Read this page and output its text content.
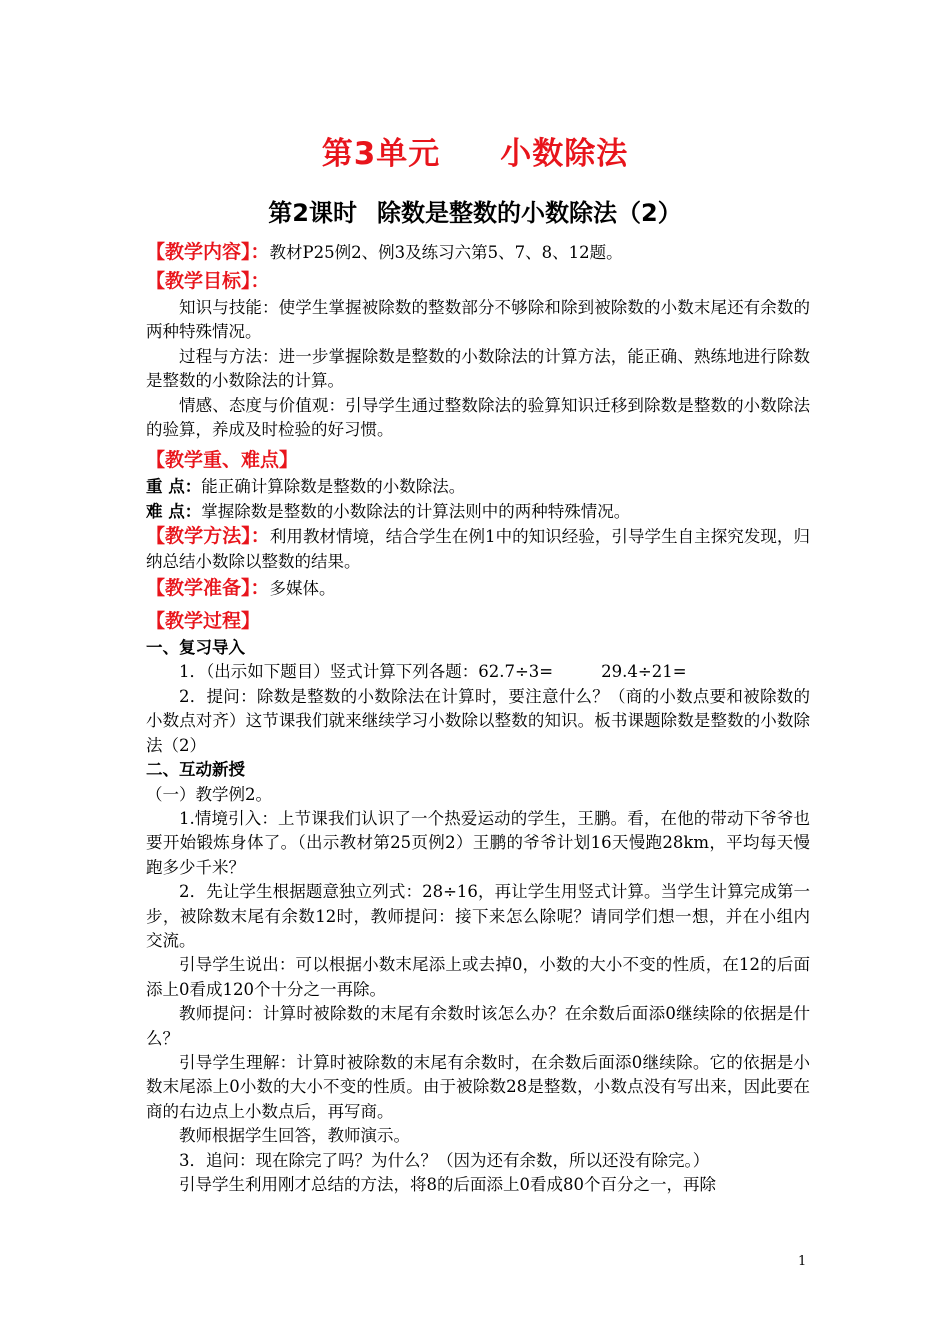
第3单元 小数除法
第2课时 除数是整数的小数除法（2）

【教学内容】：教材P25例2、例3及练习六第5、7、8、12题。

【教学目标】：

知识与技能：使学生掌握被除数的整数部分不够除和除到被除数的小数末尾还有余数的两种特殊情况。

过程与方法：进一步掌握除数是整数的小数除法的计算方法，能正确、熟练地进行除数是整数的小数除法的计算。

情感、态度与价值观：引导学生通过整数除法的验算知识迁移到除数是整数的小数除法的验算，养成及时检验的好习惯。

【教学重、难点】

重 点：能正确计算除数是整数的小数除法。

难 点：掌握除数是整数的小数除法的计算法则中的两种特殊情况。

【教学方法】：利用教材情境，结合学生在例1中的知识经验，引导学生自主探究发现，归纳总结小数除以整数的结果。

【教学准备】：多媒体。

【教学过程】

一、复习导入

1．（出示如下题目）竖式计算下列各题：62.7÷3=	29.4÷21=

2．提问：除数是整数的小数除法在计算时，要注意什么？（商的小数点要和被除数的小数点对齐）这节课我们就来继续学习小数除以整数的知识。板书课题除数是整数的小数除法（2）

二、互动新授

（一）教学例2。

1.情境引入：上节课我们认识了一个热爱运动的学生，王鹏。看，在他的带动下爷爷也要开始锻炼身体了。（出示教材第25页例2）王鹏的爷爷计划16天慢跑28km，平均每天慢跑多少千米？

2．先让学生根据题意独立列式：28÷16，再让学生用竖式计算。当学生计算完成第一步，被除数末尾有余数12时，教师提问：接下来怎么除呢？请同学们想一想，并在小组内交流。

引导学生说出：可以根据小数末尾添上或去掉0，小数的大小不变的性质，在12的后面添上0看成120个十分之一再除。

教师提问：计算时被除数的末尾有余数时该怎么办？在余数后面添0继续除的依据是什么？

引导学生理解：计算时被除数的末尾有余数时，在余数后面添0继续除。它的依据是小数末尾添上0小数的大小不变的性质。由于被除数28是整数，小数点没有写出来，因此要在商的右边点上小数点后，再写商。

教师根据学生回答，教师演示。

3．追问：现在除完了吗？为什么？（因为还有余数，所以还没有除完。）

引导学生利用刚才总结的方法，将8的后面添上0看成80个百分之一，再除

1
